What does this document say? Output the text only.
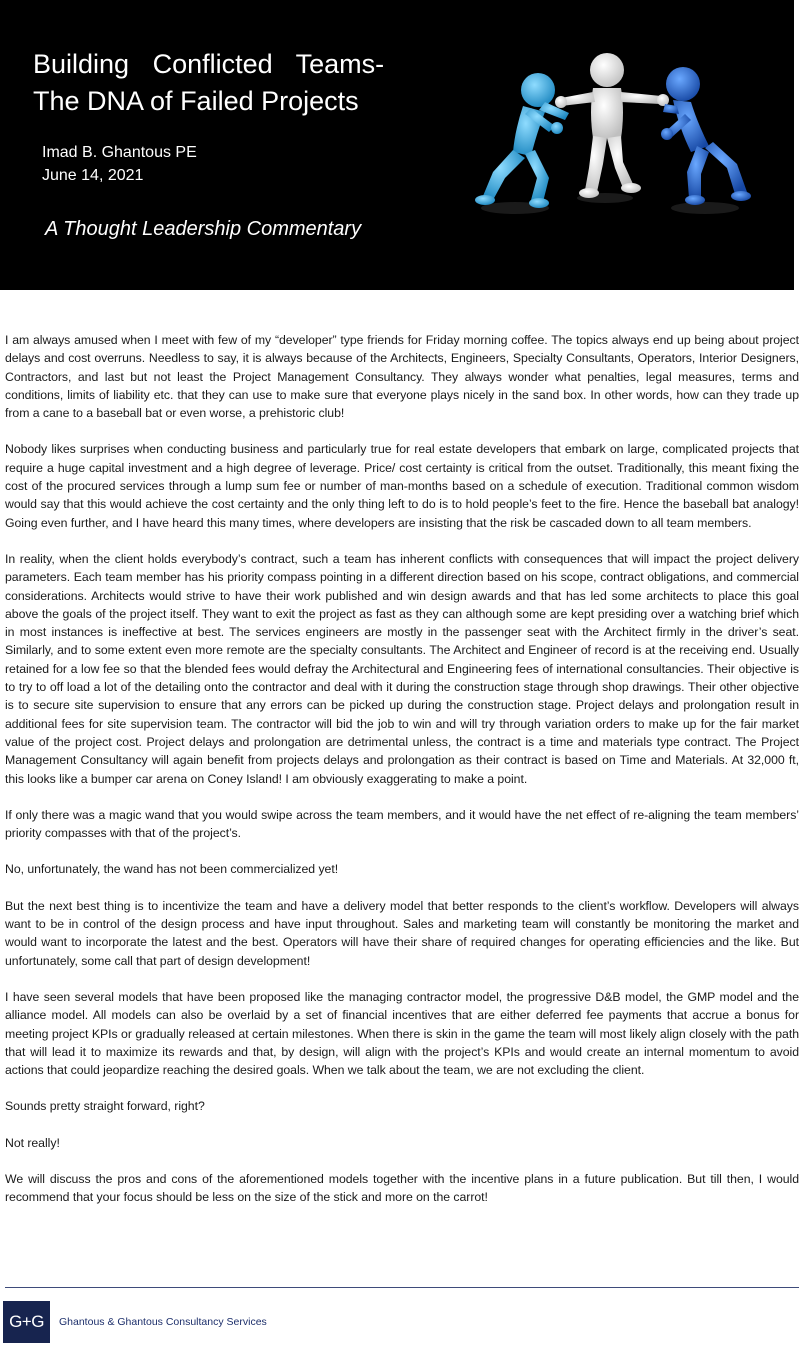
Building Conflicted Teams-
The DNA of Failed Projects
Imad B. Ghantous PE
June 14, 2021
A Thought Leadership Commentary

I am always amused when I meet with few of my “developer” type friends for Friday morning coffee. The topics always end up being about project delays and cost overruns. Needless to say, it is always because of the Architects, Engineers, Specialty Consultants, Operators, Interior Designers, Contractors, and last but not least the Project Management Consultancy. They always wonder what penalties, legal measures, terms and conditions, limits of liability etc. that they can use to make sure that everyone plays nicely in the sand box. In other words, how can they trade up from a cane to a baseball bat or even worse, a prehistoric club!

Nobody likes surprises when conducting business and particularly true for real estate developers that embark on large, complicated projects that require a huge capital investment and a high degree of leverage. Price/ cost certainty is critical from the outset. Traditionally, this meant fixing the cost of the procured services through a lump sum fee or number of man-months based on a schedule of execution. Traditional common wisdom would say that this would achieve the cost certainty and the only thing left to do is to hold people’s feet to the fire. Hence the baseball bat analogy! Going even further, and I have heard this many times, where developers are insisting that the risk be cascaded down to all team members.

In reality, when the client holds everybody’s contract, such a team has inherent conflicts with consequences that will impact the project delivery parameters. Each team member has his priority compass pointing in a different direction based on his scope, contract obligations, and commercial considerations. Architects would strive to have their work published and win design awards and that has led some architects to place this goal above the goals of the project itself. They want to exit the project as fast as they can although some are kept presiding over a watching brief which in most instances is ineffective at best. The services engineers are mostly in the passenger seat with the Architect firmly in the driver’s seat. Similarly, and to some extent even more remote are the specialty consultants. The Architect and Engineer of record is at the receiving end. Usually retained for a low fee so that the blended fees would defray the Architectural and Engineering fees of international consultancies. Their objective is to try to off load a lot of the detailing onto the contractor and deal with it during the construction stage through shop drawings. Their other objective is to secure site supervision to ensure that any errors can be picked up during the construction stage. Project delays and prolongation result in additional fees for site supervision team. The contractor will bid the job to win and will try through variation orders to make up for the fair market value of the project cost. Project delays and prolongation are detrimental unless, the contract is a time and materials type contract. The Project Management Consultancy will again benefit from projects delays and prolongation as their contract is based on Time and Materials. At 32,000 ft, this looks like a bumper car arena on Coney Island! I am obviously exaggerating to make a point.

If only there was a magic wand that you would swipe across the team members, and it would have the net effect of re-aligning the team members’ priority compasses with that of the project’s.

No, unfortunately, the wand has not been commercialized yet!

But the next best thing is to incentivize the team and have a delivery model that better responds to the client’s workflow. Developers will always want to be in control of the design process and have input throughout. Sales and marketing team will constantly be monitoring the market and would want to incorporate the latest and the best. Operators will have their share of required changes for operating efficiencies and the like. But unfortunately, some call that part of design development!

I have seen several models that have been proposed like the managing contractor model, the progressive D&B model, the GMP model and the alliance model. All models can also be overlaid by a set of financial incentives that are either deferred fee payments that accrue a bonus for meeting project KPIs or gradually released at certain milestones. When there is skin in the game the team will most likely align closely with the path that will lead it to maximize its rewards and that, by design, will align with the project’s KPIs and would create an internal momentum to avoid actions that could jeopardize reaching the desired goals. When we talk about the team, we are not excluding the client.

Sounds pretty straight forward, right?

Not really!

We will discuss the pros and cons of the aforementioned models together with the incentive plans in a future publication. But till then, I would recommend that your focus should be less on the size of the stick and more on the carrot!

G+G	Ghantous & Ghantous Consultancy Services
